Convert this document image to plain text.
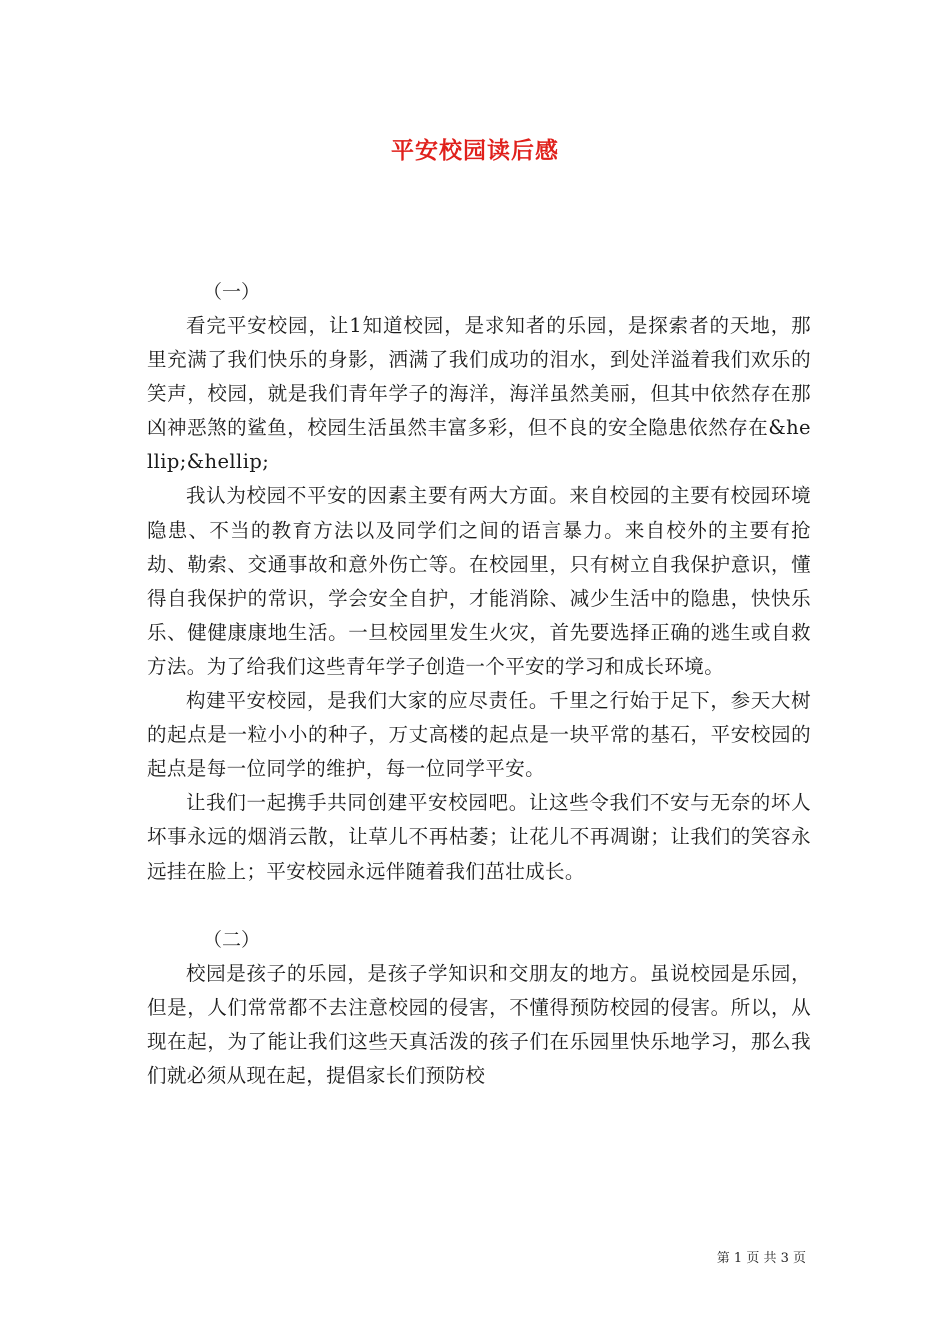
平安校园读后感
（一）

看完平安校园，让1知道校园，是求知者的乐园，是探索者的天地，那里充满了我们快乐的身影，洒满了我们成功的泪水，到处洋溢着我们欢乐的笑声，校园，就是我们青年学子的海洋，海洋虽然美丽，但其中依然存在那凶神恶煞的鲨鱼，校园生活虽然丰富多彩，但不良的安全隐患依然存在&hellip;&hellip;

我认为校园不平安的因素主要有两大方面。来自校园的主要有校园环境隐患、不当的教育方法以及同学们之间的语言暴力。来自校外的主要有抢劫、勒索、交通事故和意外伤亡等。在校园里，只有树立自我保护意识，懂得自我保护的常识，学会安全自护，才能消除、减少生活中的隐患，快快乐乐、健健康康地生活。一旦校园里发生火灾，首先要选择正确的逃生或自救方法。为了给我们这些青年学子创造一个平安的学习和成长环境。

构建平安校园，是我们大家的应尽责任。千里之行始于足下，参天大树的起点是一粒小小的种子，万丈高楼的起点是一块平常的基石，平安校园的起点是每一位同学的维护，每一位同学平安。

让我们一起携手共同创建平安校园吧。让这些令我们不安与无奈的坏人坏事永远的烟消云散，让草儿不再枯萎；让花儿不再凋谢；让我们的笑容永远挂在脸上；平安校园永远伴随着我们茁壮成长。

（二）

校园是孩子的乐园，是孩子学知识和交朋友的地方。虽说校园是乐园，但是，人们常常都不去注意校园的侵害，不懂得预防校园的侵害。所以，从现在起，为了能让我们这些天真活泼的孩子们在乐园里快乐地学习，那么我们就必须从现在起，提倡家长们预防校

第 1 页 共 3 页
